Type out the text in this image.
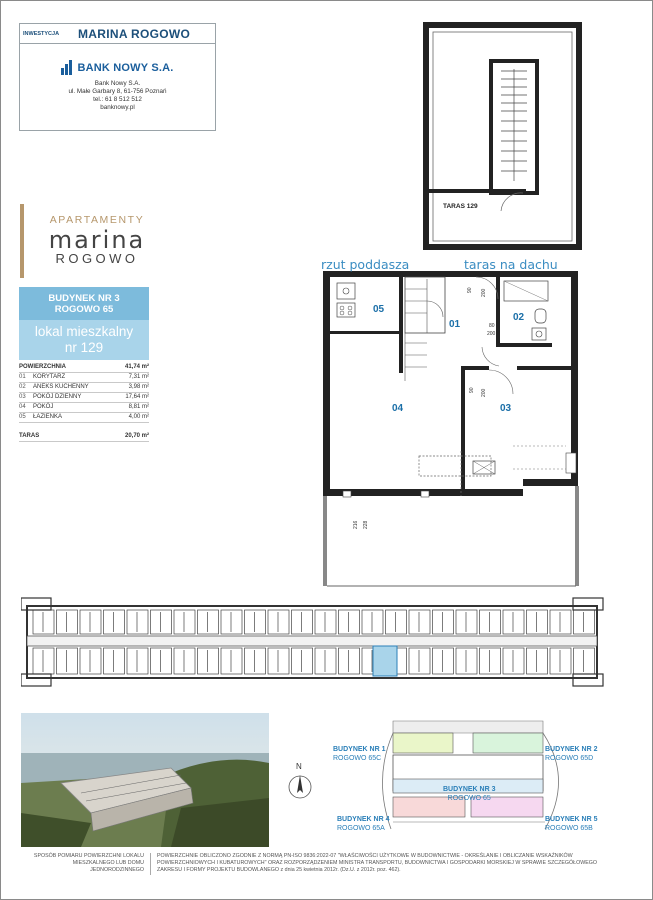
INWESTYCJA	MARINA ROGOWO
BANK NOWY S.A.
Bank Nowy S.A.
ul. Małe Garbary 8, 61-756 Poznań
tel.: 61 8 512 512
banknowy.pl
APARTAMENTY
marina
ROGOWO
BUDYNEK NR 3
ROGOWO 65
lokal mieszkalny
nr 129
POWIERZCHNIA	41,74 m²
01	KORYTARZ	7,31 m²
02	ANEKS KUCHENNY	3,98 m²
03	POKÓJ DZIENNY	17,64 m²
04	POKÓJ	8,81 m²
05	ŁAZIENKA	4,00 m²
TARAS	20,70 m²
90 200
80
200
90 200
216 228
TARAS 129
rzut poddasza	taras na dachu
05
01
02
04	03
N
BUDYNEK NR 1
ROGOWO 65C
BUDYNEK NR 2
ROGOWO 65D
BUDYNEK NR 3
ROGOWO 65
BUDYNEK NR 4
ROGOWO 65A
BUDYNEK NR 5
ROGOWO 65B
SPOSÓB POMIARU POWIERZCHNI LOKALU MIESZKALNEGO LUB DOMU JEDNORODZINNEGO
POWIERZCHNIE OBLICZONO ZGODNIE Z NORMĄ PN-ISO 9836:2022-07 "WŁAŚCIWOŚCI UŻYTKOWE W BUDOWNICTWIE - OKREŚLANIE I OBLICZANIE WSKAŹNIKÓW POWIERZCHNIOWYCH I KUBATUROWYCH" ORAZ ROZPORZĄDZENIEM MINISTRA TRANSPORTU, BUDOWNICTWA I GOSPODARKI MORSKIEJ W SPRAWIE SZCZEGÓŁOWEGO ZAKRESU I FORMY PROJEKTU BUDOWLANEGO z dnia 25 kwietnia 2012r. (Dz.U. z 2012r. poz. 462).
